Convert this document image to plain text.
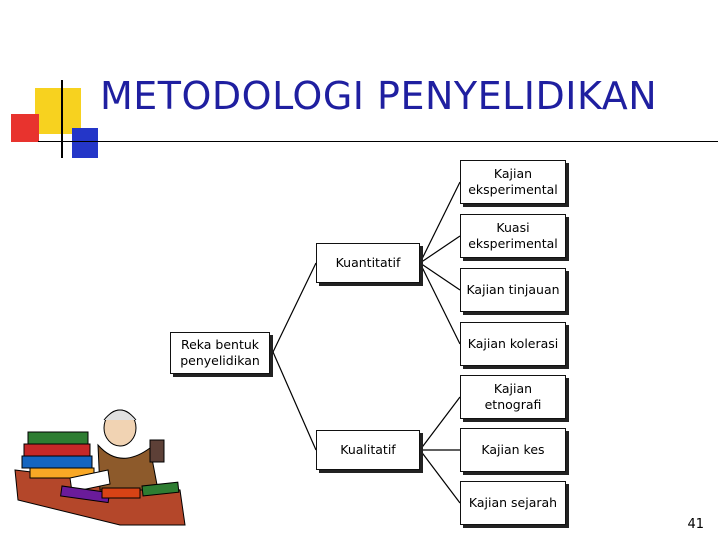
METODOLOGI PENYELIDIKAN
Reka bentuk penyelidikan
Kuantitatif
Kualitatif
Kajian eksperimental
Kuasi eksperimental
Kajian tinjauan
Kajian kolerasi
Kajian etnografi
Kajian kes
Kajian sejarah
41
